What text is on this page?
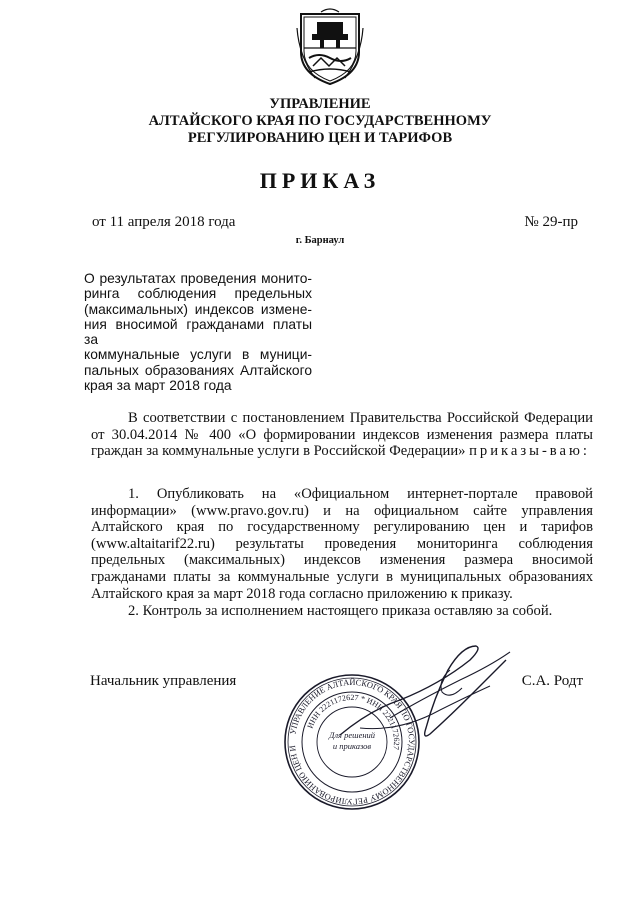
УПРАВЛЕНИЕ
АЛТАЙСКОГО КРАЯ ПО ГОСУДАРСТВЕННОМУ
РЕГУЛИРОВАНИЮ ЦЕН И ТАРИФОВ
ПРИКАЗ
от 11 апреля 2018 года	№ 29-пр
г. Барнаул
О результатах проведения монито-
ринга соблюдения предельных
(максимальных) индексов измене-
ния вносимой гражданами платы за
коммунальные услуги в муници-
пальных образованиях Алтайского
края за март 2018 года
В соответствии с постановлением Правительства Российской Федерации от 30.04.2014 № 400 «О формировании индексов изменения размера платы граждан за коммунальные услуги в Российской Федерации» приказы-ваю:
1. Опубликовать на «Официальном интернет-портале правовой информации» (www.pravo.gov.ru) и на официальном сайте управления Алтайского края по государственному регулированию цен и тарифов (www.altaitarif22.ru) результаты проведения мониторинга соблюдения предельных (максимальных) индексов изменения размера вносимой гражданами платы за коммунальные услуги в муниципальных образованиях Алтайского края за март 2018 года согласно приложению к приказу.
2. Контроль за исполнением настоящего приказа оставляю за собой.
Начальник управления	С.А. Родт
УПРАВЛЕНИЕ АЛТАЙСКОГО КРАЯ ПО ГОСУДАРСТВЕННОМУ РЕГУЛИРОВАНИЮ ЦЕН И
ИНН 2221172627 * ИНН 2221172627
Для решений
и приказов
